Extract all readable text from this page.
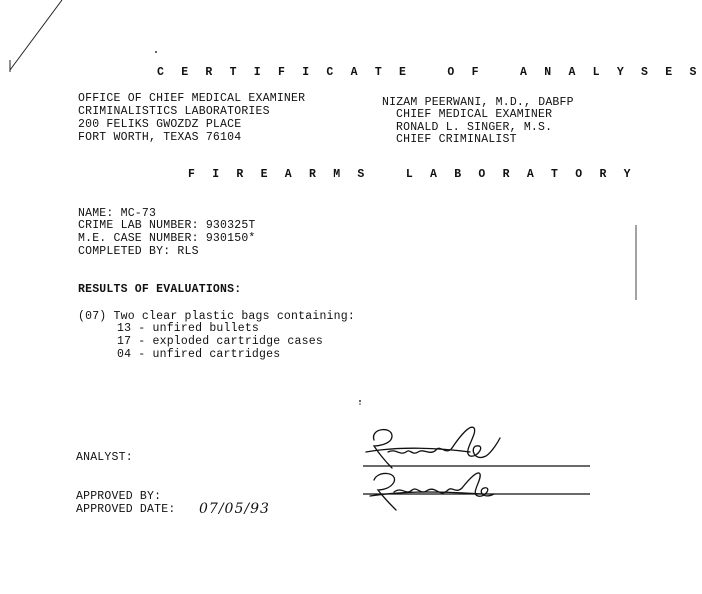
C E R T I F I C A T E   O F   A N A L Y S E S
OFFICE OF CHIEF MEDICAL EXAMINER
CRIMINALISTICS LABORATORIES
200 FELIKS GWOZDZ PLACE
FORT WORTH, TEXAS 76104
NIZAM PEERWANI, M.D., DABFP
CHIEF MEDICAL EXAMINER
RONALD L. SINGER, M.S.
CHIEF CRIMINALIST
F I R E A R M S   L A B O R A T O R Y
NAME: MC-73
CRIME LAB NUMBER: 930325T
M.E. CASE NUMBER: 930150*
COMPLETED BY: RLS
RESULTS OF EVALUATIONS:
(07) Two clear plastic bags containing:
13 - unfired bullets
17 - exploded cartridge cases
04 - unfired cartridges
ANALYST:
APPROVED BY:
APPROVED DATE: 07/05/93
